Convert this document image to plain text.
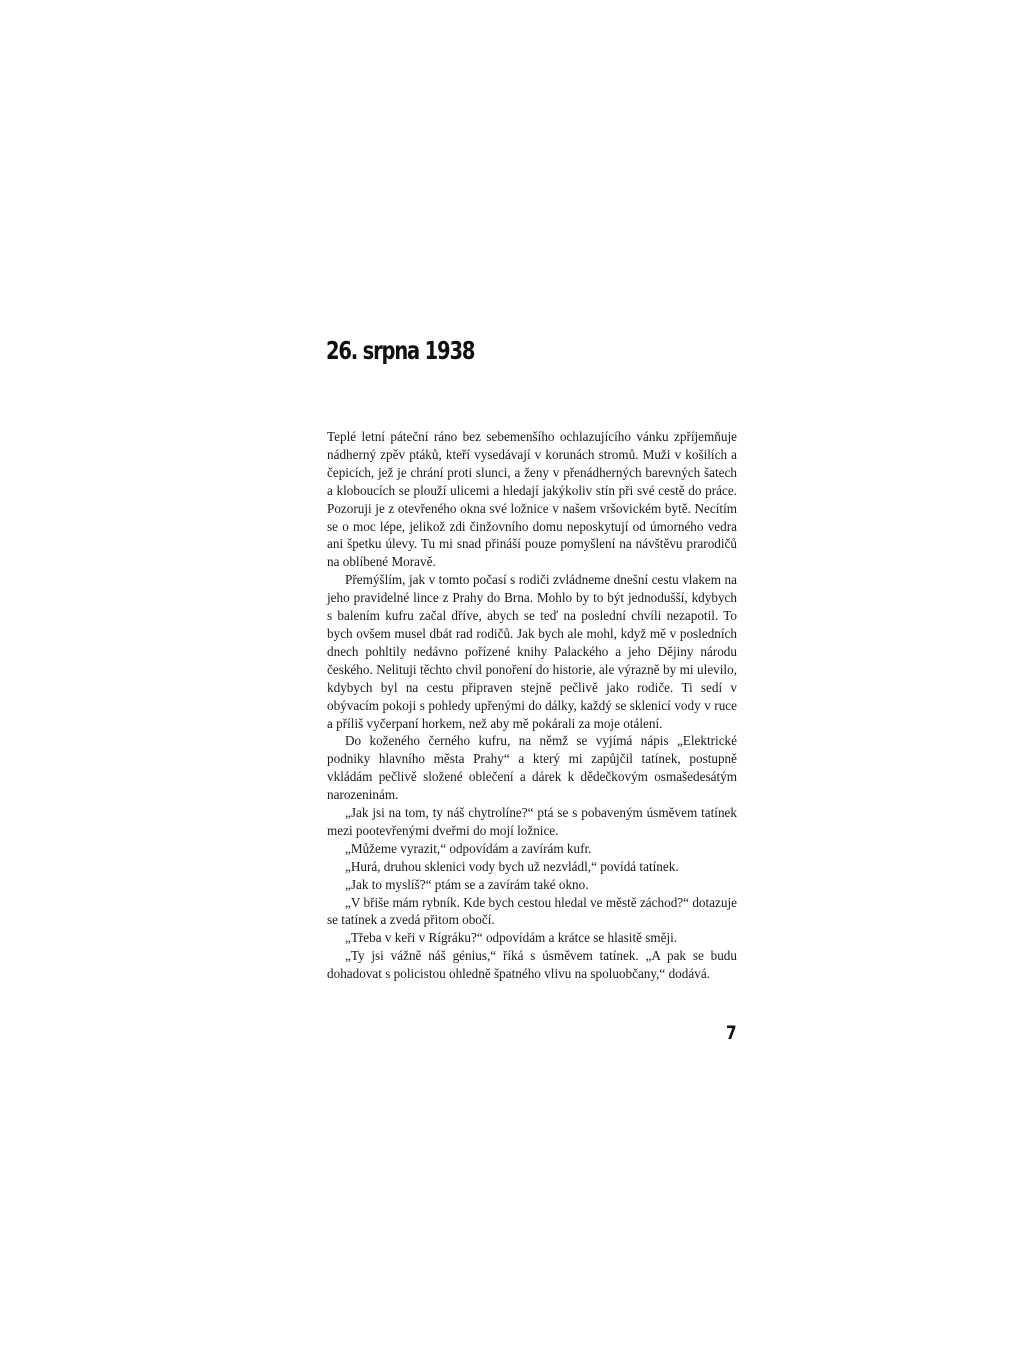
26. srpna 1938

Teplé letní páteční ráno bez sebemenšího ochlazujícího vánku zpříjemňuje nádherný zpěv ptáků, kteří vysedávají v korunách stromů. Muži v košilích a čepicích, jež je chrání proti slunci, a ženy v přenádherných barevných šatech a kloboucích se plouží ulicemi a hledají jakýkoliv stín při své cestě do práce. Pozoruji je z otevřeného okna své ložnice v našem vršovickém bytě. Necítím se o moc lépe, jelikož zdi činžovního domu neposkytují od úmorného vedra ani špetku úlevy. Tu mi snad přináší pouze pomyšlení na návštěvu prarodičů na oblíbené Moravě.

Přemýšlím, jak v tomto počasí s rodiči zvládneme dnešní cestu vlakem na jeho pravidelné lince z Prahy do Brna. Mohlo by to být jednodušší, kdybych s balením kufru začal dříve, abych se teď na poslední chvíli nezapotil. To bych ovšem musel dbát rad rodičů. Jak bych ale mohl, když mě v posledních dnech pohltily nedávno pořízené knihy Palackého a jeho Dějiny národu českého. Nelituji těchto chvil ponoření do historie, ale výrazně by mi ulevilo, kdybych byl na cestu připraven stejně pečlivě jako rodiče. Ti sedí v obývacím pokoji s pohledy upřenými do dálky, každý se sklenicí vody v ruce a příliš vyčerpaní horkem, než aby mě pokárali za moje otálení.

Do koženého černého kufru, na němž se vyjímá nápis „Elektrické podniky hlavního města Prahy“ a který mi zapůjčil tatínek, postupně vkládám pečlivě složené oblečení a dárek k dědečkovým osmašedesátým narozeninám.

„Jak jsi na tom, ty náš chytrolíne?“ ptá se s pobaveným úsměvem tatínek mezi pootevřenými dveřmi do mojí ložnice.

„Můžeme vyrazit,“ odpovídám a zavírám kufr.

„Hurá, druhou sklenici vody bych už nezvládl,“ povídá tatínek.

„Jak to myslíš?“ ptám se a zavírám také okno.

„V břiše mám rybník. Kde bych cestou hledal ve městě záchod?“ dotazuje se tatínek a zvedá přitom obočí.

„Třeba v keři v Rígráku?“ odpovídám a krátce se hlasitě směji.

„Ty jsi vážně náš génius,“ říká s úsměvem tatínek. „A pak se budu dohadovat s policistou ohledně špatného vlivu na spoluobčany,“ dodává.

7
